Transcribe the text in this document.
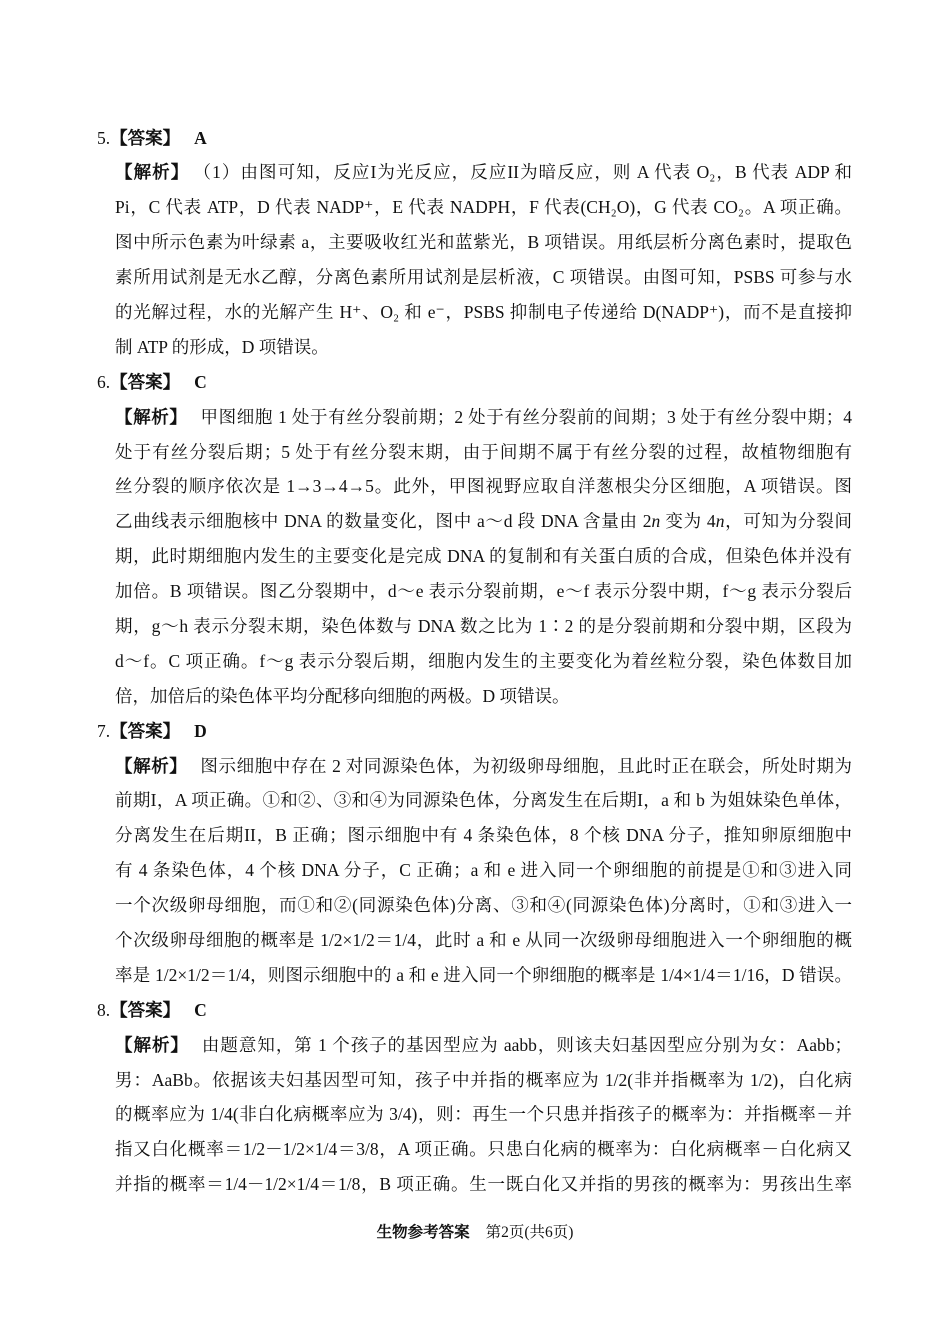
5.【答案】 A
【解析】 （1）由图可知，反应I为光反应，反应II为暗反应，则 A 代表 O₂，B 代表 ADP 和
Pi，C 代表 ATP，D 代表 NADP⁺，E 代表 NADPH，F 代表(CH₂O)，G 代表 CO₂。A 项正确。
图中所示色素为叶绿素 a，主要吸收红光和蓝紫光，B 项错误。用纸层析分离色素时，提取色
素所用试剂是无水乙醇，分离色素所用试剂是层析液，C 项错误。由图可知，PSBS 可参与水
的光解过程，水的光解产生 H⁺、O₂ 和 e⁻，PSBS 抑制电子传递给 D(NADP⁺)，而不是直接抑
制 ATP 的形成，D 项错误。
6.【答案】 C
【解析】 甲图细胞 1 处于有丝分裂前期；2 处于有丝分裂前的间期；3 处于有丝分裂中期；4
处于有丝分裂后期；5 处于有丝分裂末期，由于间期不属于有丝分裂的过程，故植物细胞有
丝分裂的顺序依次是 1→3→4→5。此外，甲图视野应取自洋葱根尖分区细胞，A 项错误。图
乙曲线表示细胞核中 DNA 的数量变化，图中 a～d 段 DNA 含量由 2n 变为 4n，可知为分裂间
期，此时期细胞内发生的主要变化是完成 DNA 的复制和有关蛋白质的合成，但染色体并没有
加倍。B 项错误。图乙分裂期中，d～e 表示分裂前期，e～f 表示分裂中期，f～g 表示分裂后
期，g～h 表示分裂末期，染色体数与 DNA 数之比为 1∶2 的是分裂前期和分裂中期，区段为
d～f。C 项正确。f～g 表示分裂后期，细胞内发生的主要变化为着丝粒分裂，染色体数目加
倍，加倍后的染色体平均分配移向细胞的两极。D 项错误。
7.【答案】 D
【解析】 图示细胞中存在 2 对同源染色体，为初级卵母细胞，且此时正在联会，所处时期为
前期I，A 项正确。①和②、③和④为同源染色体，分离发生在后期I，a 和 b 为姐妹染色单体，
分离发生在后期II，B 正确；图示细胞中有 4 条染色体，8 个核 DNA 分子，推知卵原细胞中
有 4 条染色体，4 个核 DNA 分子，C 正确；a 和 e 进入同一个卵细胞的前提是①和③进入同
一个次级卵母细胞，而①和②(同源染色体)分离、③和④(同源染色体)分离时，①和③进入一
个次级卵母细胞的概率是 1/2×1/2＝1/4，此时 a 和 e 从同一次级卵母细胞进入一个卵细胞的概
率是 1/2×1/2＝1/4，则图示细胞中的 a 和 e 进入同一个卵细胞的概率是 1/4×1/4＝1/16，D 错误。
8.【答案】 C
【解析】 由题意知，第 1 个孩子的基因型应为 aabb，则该夫妇基因型应分别为女：Aabb；
男：AaBb。依据该夫妇基因型可知，孩子中并指的概率应为 1/2(非并指概率为 1/2)，白化病
的概率应为 1/4(非白化病概率应为 3/4)，则：再生一个只患并指孩子的概率为：并指概率－并
指又白化概率＝1/2－1/2×1/4＝3/8，A 项正确。只患白化病的概率为：白化病概率－白化病又
并指的概率＝1/4－1/2×1/4＝1/8，B 项正确。生一既白化又并指的男孩的概率为：男孩出生率
生物参考答案 第2页(共6页)
